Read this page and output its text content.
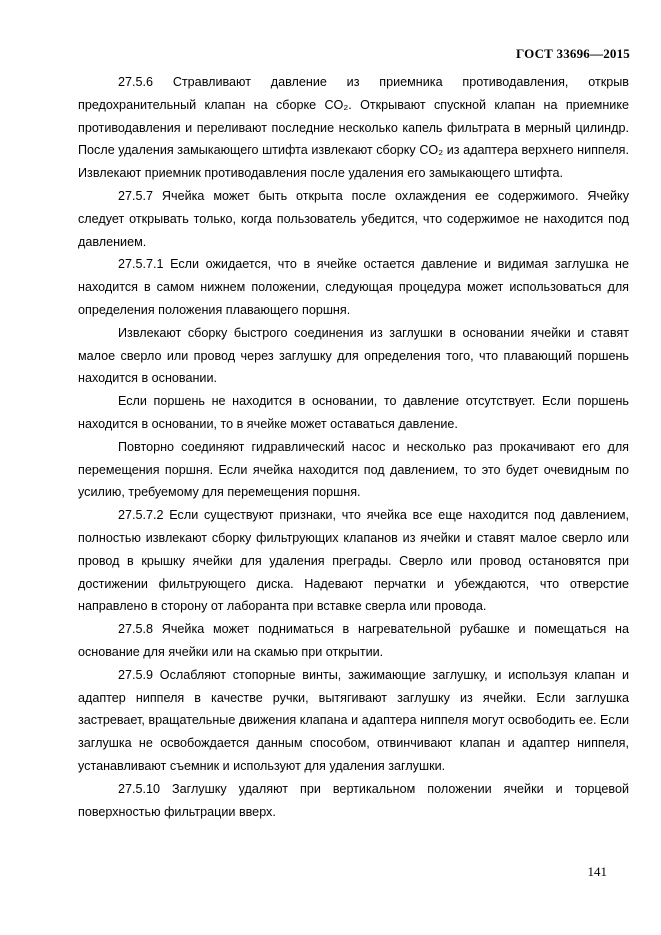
ГОСТ 33696—2015

27.5.6 Стравливают давление из приемника противодавления, открыв предохранительный клапан на сборке CO₂. Открывают спускной клапан на приемнике противодавления и переливают последние несколько капель фильтрата в мерный цилиндр. После удаления замыкающего штифта извлекают сборку CO₂ из адаптера верхнего ниппеля. Извлекают приемник противодавления после удаления его замыкающего штифта.

27.5.7 Ячейка может быть открыта после охлаждения ее содержимого. Ячейку следует открывать только, когда пользователь убедится, что содержимое не находится под давлением.

27.5.7.1 Если ожидается, что в ячейке остается давление и видимая заглушка не находится в самом нижнем положении, следующая процедура может использоваться для определения положения плавающего поршня.

Извлекают сборку быстрого соединения из заглушки в основании ячейки и ставят малое сверло или провод через заглушку для определения того, что плавающий поршень находится в основании.

Если поршень не находится в основании, то давление отсутствует. Если поршень находится в основании, то в ячейке может оставаться давление.

Повторно соединяют гидравлический насос и несколько раз прокачивают его для перемещения поршня. Если ячейка находится под давлением, то это будет очевидным по усилию, требуемому для перемещения поршня.

27.5.7.2 Если существуют признаки, что ячейка все еще находится под давлением, полностью извлекают сборку фильтрующих клапанов из ячейки и ставят малое сверло или провод в крышку ячейки для удаления преграды. Сверло или провод остановятся при достижении фильтрующего диска. Надевают перчатки и убеждаются, что отверстие направлено в сторону от лаборанта при вставке сверла или провода.

27.5.8 Ячейка может подниматься в нагревательной рубашке и помещаться на основание для ячейки или на скамью при открытии.

27.5.9 Ослабляют стопорные винты, зажимающие заглушку, и используя клапан и адаптер ниппеля в качестве ручки, вытягивают заглушку из ячейки. Если заглушка застревает, вращательные движения клапана и адаптера ниппеля могут освободить ее. Если заглушка не освобождается данным способом, отвинчивают клапан и адаптер ниппеля, устанавливают съемник и используют для удаления заглушки.

27.5.10 Заглушку удаляют при вертикальном положении ячейки и торцевой поверхностью фильтрации вверх.

141
